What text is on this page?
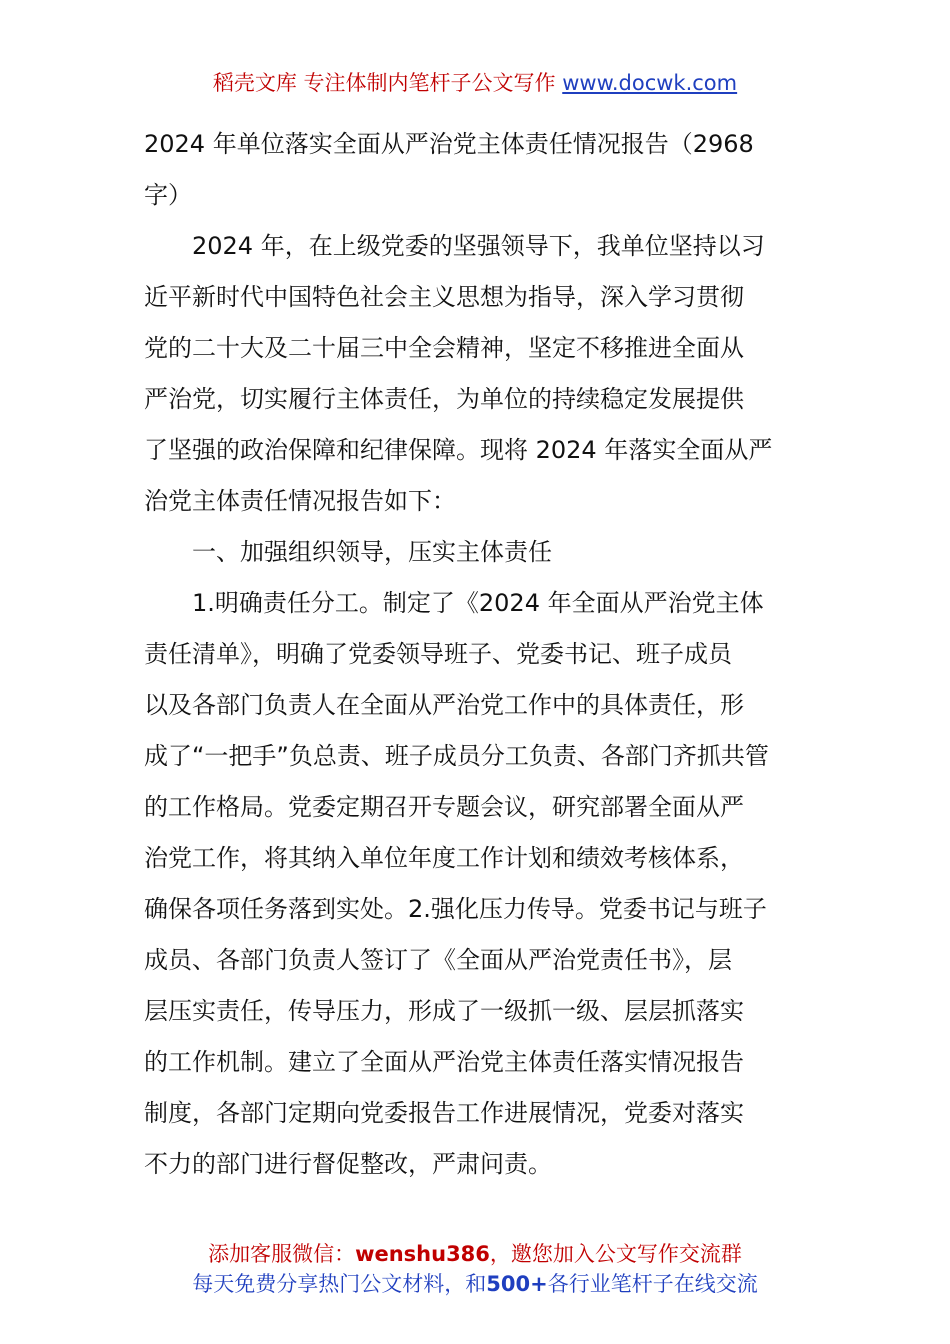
稻壳文库 专注体制内笔杆子公文写作 www.docwk.com
2024 年单位落实全面从严治党主体责任情况报告（2968
字）
　　2024 年，在上级党委的坚强领导下，我单位坚持以习
近平新时代中国特色社会主义思想为指导，深入学习贯彻
党的二十大及二十届三中全会精神，坚定不移推进全面从
严治党，切实履行主体责任，为单位的持续稳定发展提供
了坚强的政治保障和纪律保障。现将 2024 年落实全面从严
治党主体责任情况报告如下：
　　一、加强组织领导，压实主体责任
　　1.明确责任分工。制定了《2024 年全面从严治党主体
责任清单》，明确了党委领导班子、党委书记、班子成员
以及各部门负责人在全面从严治党工作中的具体责任，形
成了“一把手”负总责、班子成员分工负责、各部门齐抓共管
的工作格局。党委定期召开专题会议，研究部署全面从严
治党工作，将其纳入单位年度工作计划和绩效考核体系，
确保各项任务落到实处。2.强化压力传导。党委书记与班子
成员、各部门负责人签订了《全面从严治党责任书》，层
层压实责任，传导压力，形成了一级抓一级、层层抓落实
的工作机制。建立了全面从严治党主体责任落实情况报告
制度，各部门定期向党委报告工作进展情况，党委对落实
不力的部门进行督促整改，严肃问责。
添加客服微信：wenshu386，邀您加入公文写作交流群
每天免费分享热门公文材料，和500+各行业笔杆子在线交流
